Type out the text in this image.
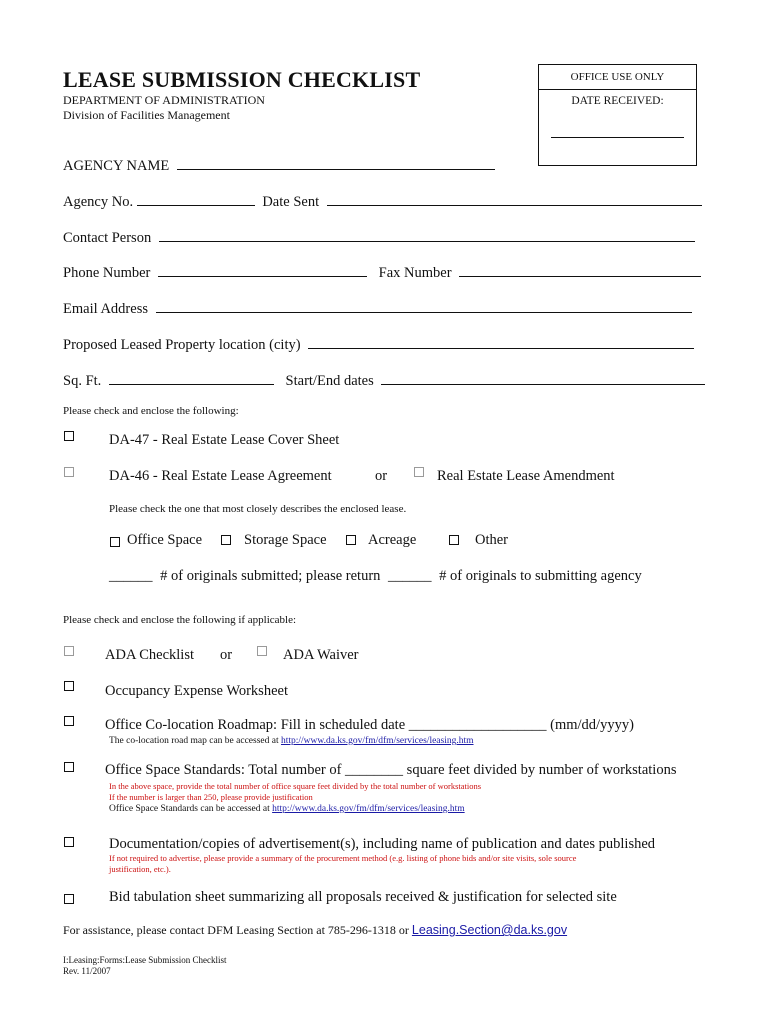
LEASE SUBMISSION CHECKLIST
DEPARTMENT OF ADMINISTRATION
Division of Facilities Management
OFFICE USE ONLY
DATE RECEIVED:
AGENCY NAME
Agency No.	Date Sent
Contact Person
Phone Number	Fax Number
Email Address
Proposed Leased Property location (city)
Sq. Ft.	Start/End dates
Please check and enclose the following:
DA-47 - Real Estate Lease Cover Sheet
DA-46 - Real Estate Lease Agreement	or	Real Estate Lease Amendment
Please check the one that most closely describes the enclosed lease.
Office Space	Storage Space	Acreage	Other
______ # of originals submitted; please return ______ # of originals to submitting agency
Please check and enclose the following if applicable:
ADA Checklist or	ADA Waiver
Occupancy Expense Worksheet
Office Co-location Roadmap: Fill in scheduled date ___________________ (mm/dd/yyyy)
The co-location road map can be accessed at http://www.da.ks.gov/fm/dfm/services/leasing.htm
Office Space Standards: Total number of ________ square feet divided by number of workstations
In the above space, provide the total number of office square feet divided by the total number of workstations
If the number is larger than 250, please provide justification
Office Space Standards can be accessed at http://www.da.ks.gov/fm/dfm/services/leasing.htm
Documentation/copies of advertisement(s), including name of publication and dates published
If not required to advertise, please provide a summary of the procurement method (e.g. listing of phone bids and/or site visits, sole source
justification, etc.).
Bid tabulation sheet summarizing all proposals received & justification for selected site
For assistance, please contact DFM Leasing Section at 785-296-1318 or Leasing.Section@da.ks.gov
I:Leasing:Forms:Lease Submission Checklist
Rev. 11/2007
